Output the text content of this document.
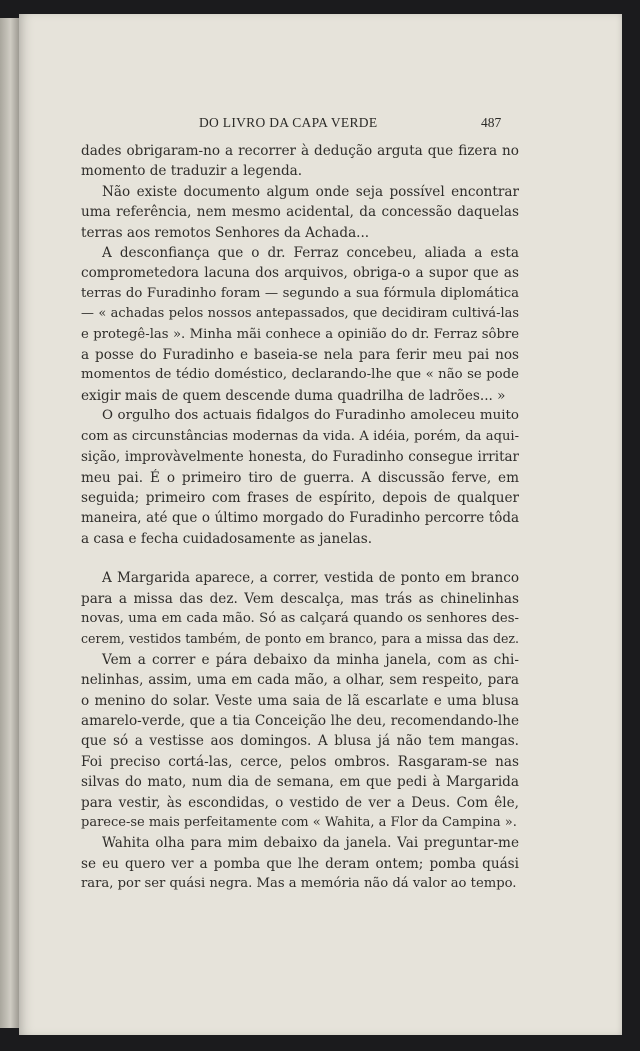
DO LIVRO DA CAPA VERDE	487
dades obrigaram-no a recorrer à dedução arguta que fizera no
momento de traduzir a legenda.
Não existe documento algum onde seja possível encontrar
uma referência, nem mesmo acidental, da concessão daquelas
terras aos remotos Senhores da Achada...
A desconfiança que o dr. Ferraz concebeu, aliada a esta
comprometedora lacuna dos arquivos, obriga-o a supor que as
terras do Furadinho foram — segundo a sua fórmula diplomática
— « achadas pelos nossos antepassados, que decidiram cultivá-las
e protegê-las ». Minha mãi conhece a opinião do dr. Ferraz sôbre
a posse do Furadinho e baseia-se nela para ferir meu pai nos
momentos de tédio doméstico, declarando-lhe que « não se pode
exigir mais de quem descende duma quadrilha de ladrões... »
O orgulho dos actuais fidalgos do Furadinho amoleceu muito
com as circunstâncias modernas da vida. A idéia, porém, da aqui-
sição, improvàvelmente honesta, do Furadinho consegue irritar
meu pai. É o primeiro tiro de guerra. A discussão ferve, em
seguida; primeiro com frases de espírito, depois de qualquer
maneira, até que o último morgado do Furadinho percorre tôda
a casa e fecha cuidadosamente as janelas.
A Margarida aparece, a correr, vestida de ponto em branco
para a missa das dez. Vem descalça, mas trás as chinelinhas
novas, uma em cada mão. Só as calçará quando os senhores des-
cerem, vestidos também, de ponto em branco, para a missa das dez.
Vem a correr e pára debaixo da minha janela, com as chi-
nelinhas, assim, uma em cada mão, a olhar, sem respeito, para
o menino do solar. Veste uma saia de lã escarlate e uma blusa
amarelo-verde, que a tia Conceição lhe deu, recomendando-lhe
que só a vestisse aos domingos. A blusa já não tem mangas.
Foi preciso cortá-las, cerce, pelos ombros. Rasgaram-se nas
silvas do mato, num dia de semana, em que pedi à Margarida
para vestir, às escondidas, o vestido de ver a Deus. Com êle,
parece-se mais perfeitamente com « Wahita, a Flor da Campina ».
Wahita olha para mim debaixo da janela. Vai preguntar-me
se eu quero ver a pomba que lhe deram ontem; pomba quási
rara, por ser quási negra. Mas a memória não dá valor ao tempo.
